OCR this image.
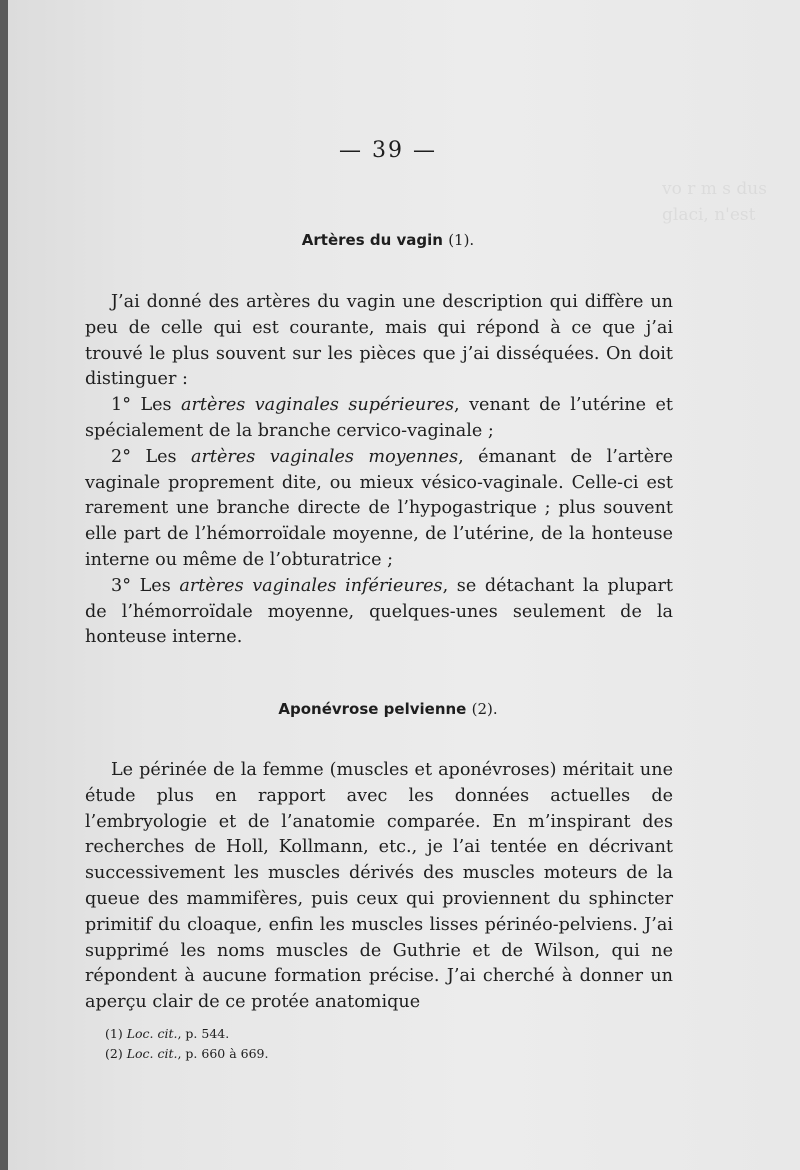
vo r m s dus
glaci, n'est
— 39 —
Artères du vagin (1).

J’ai donné des artères du vagin une description qui diffère un peu de celle qui est courante, mais qui répond à ce que j’ai trouvé le plus souvent sur les pièces que j’ai disséquées. On doit distinguer :

1° Les artères vaginales supérieures, venant de l’utérine et spécialement de la branche cervico-vaginale ;

2° Les artères vaginales moyennes, émanant de l’artère vaginale proprement dite, ou mieux vésico-vaginale. Celle-ci est rarement une branche directe de l’hypogastrique ; plus souvent elle part de l’hémorroïdale moyenne, de l’utérine, de la honteuse interne ou même de l’obturatrice ;

3° Les artères vaginales inférieures, se détachant la plupart de l’hémorroïdale moyenne, quelques-unes seulement de la honteuse interne.

Aponévrose pelvienne (2).

Le périnée de la femme (muscles et aponévroses) méritait une étude plus en rapport avec les données actuelles de l’embryologie et de l’anatomie comparée. En m’inspirant des recherches de Holl, Kollmann, etc., je l’ai tentée en décrivant successivement les muscles dérivés des muscles moteurs de la queue des mammifères, puis ceux qui proviennent du sphincter primitif du cloaque, enfin les muscles lisses périnéo-pelviens. J’ai supprimé les noms muscles de Guthrie et de Wilson, qui ne répondent à aucune formation précise. J’ai cherché à donner un aperçu clair de ce protée anatomique

(1) Loc. cit., p. 544.
(2) Loc. cit., p. 660 à 669.
